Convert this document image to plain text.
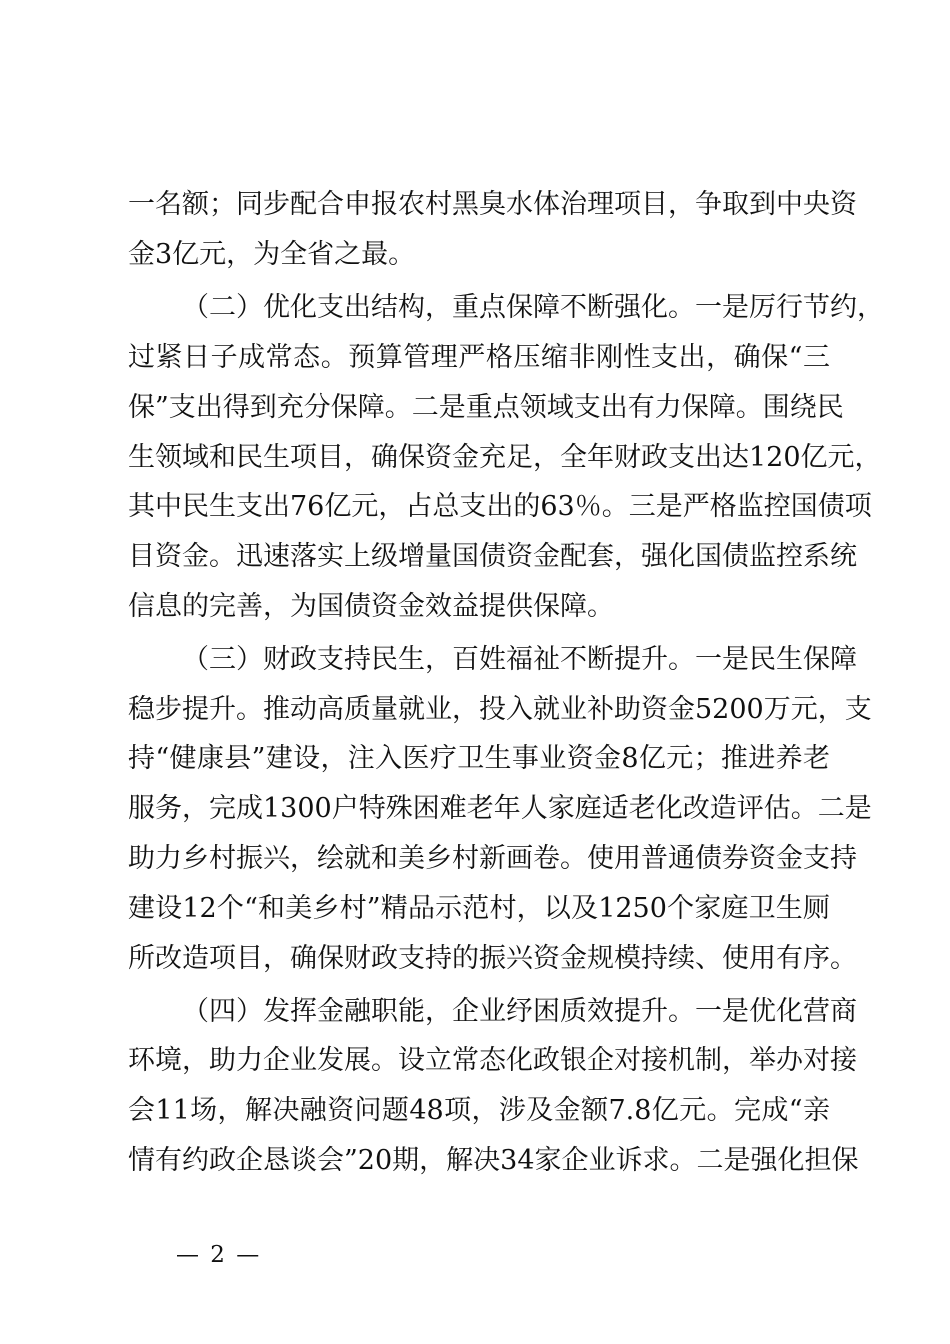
一名额；同步配合申报农村黑臭水体治理项目，争取到中央资
金3亿元，为全省之最。
（二）优化支出结构，重点保障不断强化。一是厉行节约，
过紧日子成常态。预算管理严格压缩非刚性支出，确保“三
保”支出得到充分保障。二是重点领域支出有力保障。围绕民
生领域和民生项目，确保资金充足，全年财政支出达120亿元，
其中民生支出76亿元，占总支出的63％。三是严格监控国债项
目资金。迅速落实上级增量国债资金配套，强化国债监控系统
信息的完善，为国债资金效益提供保障。
（三）财政支持民生，百姓福祉不断提升。一是民生保障
稳步提升。推动高质量就业，投入就业补助资金5200万元，支
持“健康县”建设，注入医疗卫生事业资金8亿元；推进养老
服务，完成1300户特殊困难老年人家庭适老化改造评估。二是
助力乡村振兴，绘就和美乡村新画卷。使用普通债券资金支持
建设12个“和美乡村”精品示范村，以及1250个家庭卫生厕
所改造项目，确保财政支持的振兴资金规模持续、使用有序。
（四）发挥金融职能，企业纾困质效提升。一是优化营商
环境，助力企业发展。设立常态化政银企对接机制，举办对接
会11场，解决融资问题48项，涉及金额7.8亿元。完成“亲
情有约政企恳谈会”20期，解决34家企业诉求。二是强化担保
— 2 —
